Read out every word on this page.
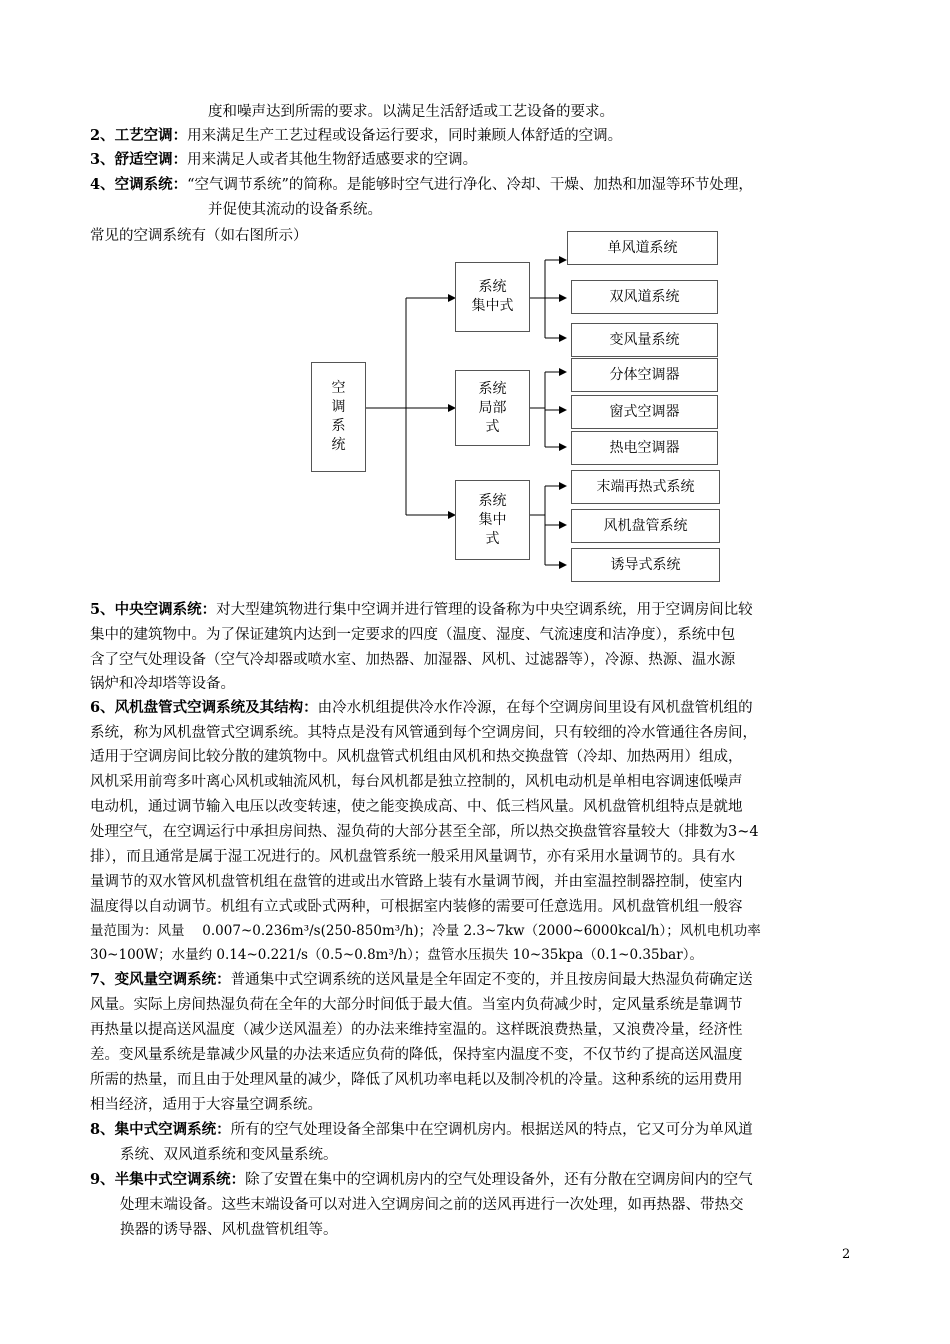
度和噪声达到所需的要求。以满足生活舒适或工艺设备的要求。
2、工艺空调：用来满足生产工艺过程或设备运行要求，同时兼顾人体舒适的空调。
3、舒适空调：用来满足人或者其他生物舒适感要求的空调。
4、空调系统：“空气调节系统”的简称。是能够时空气进行净化、冷却、干燥、加热和加湿等环节处理，
并促使其流动的设备系统。
常见的空调系统有（如右图所示）
空
调
系
统
系统
集中式
系统
局部
式
系统
集中
式
单风道系统
双风道系统
变风量系统
分体空调器
窗式空调器
热电空调器
末端再热式系统
风机盘管系统
诱导式系统
5、中央空调系统：对大型建筑物进行集中空调并进行管理的设备称为中央空调系统，用于空调房间比较
集中的建筑物中。为了保证建筑内达到一定要求的四度（温度、湿度、气流速度和洁净度），系统中包
含了空气处理设备（空气冷却器或喷水室、加热器、加湿器、风机、过滤器等），冷源、热源、温水源
锅炉和冷却塔等设备。
6、风机盘管式空调系统及其结构：由冷水机组提供冷水作冷源，在每个空调房间里设有风机盘管机组的
系统，称为风机盘管式空调系统。其特点是没有风管通到每个空调房间，只有较细的冷水管通往各房间，
适用于空调房间比较分散的建筑物中。风机盘管式机组由风机和热交换盘管（冷却、加热两用）组成，
风机采用前弯多叶离心风机或轴流风机，每台风机都是独立控制的，风机电动机是单相电容调速低噪声
电动机，通过调节输入电压以改变转速，使之能变换成高、中、低三档风量。风机盘管机组特点是就地
处理空气，在空调运行中承担房间热、湿负荷的大部分甚至全部，所以热交换盘管容量较大（排数为3~4
排），而且通常是属于湿工况进行的。风机盘管系统一般采用风量调节，亦有采用水量调节的。具有水
量调节的双水管风机盘管机组在盘管的进或出水管路上装有水量调节阀，并由室温控制器控制，使室内
温度得以自动调节。机组有立式或卧式两种，可根据室内装修的需要可任意选用。风机盘管机组一般容
量范围为：风量　 0.007~0.236m³/s(250-850m³/h)；冷量 2.3~7kw（2000~6000kcal/h）；风机电机功率
30~100W；水量约 0.14~0.221/s（0.5~0.8m³/h）；盘管水压损失 10~35kpa（0.1~0.35bar）。
7、变风量空调系统：普通集中式空调系统的送风量是全年固定不变的，并且按房间最大热湿负荷确定送
风量。实际上房间热湿负荷在全年的大部分时间低于最大值。当室内负荷减少时，定风量系统是靠调节
再热量以提高送风温度（减少送风温差）的办法来维持室温的。这样既浪费热量，又浪费冷量，经济性
差。变风量系统是靠减少风量的办法来适应负荷的降低，保持室内温度不变，不仅节约了提高送风温度
所需的热量，而且由于处理风量的减少，降低了风机功率电耗以及制冷机的冷量。这种系统的运用费用
相当经济，适用于大容量空调系统。
8、集中式空调系统：所有的空气处理设备全部集中在空调机房内。根据送风的特点，它又可分为单风道
系统、双风道系统和变风量系统。
9、半集中式空调系统：除了安置在集中的空调机房内的空气处理设备外，还有分散在空调房间内的空气
处理末端设备。这些末端设备可以对进入空调房间之前的送风再进行一次处理，如再热器、带热交
换器的诱导器、风机盘管机组等。
2
